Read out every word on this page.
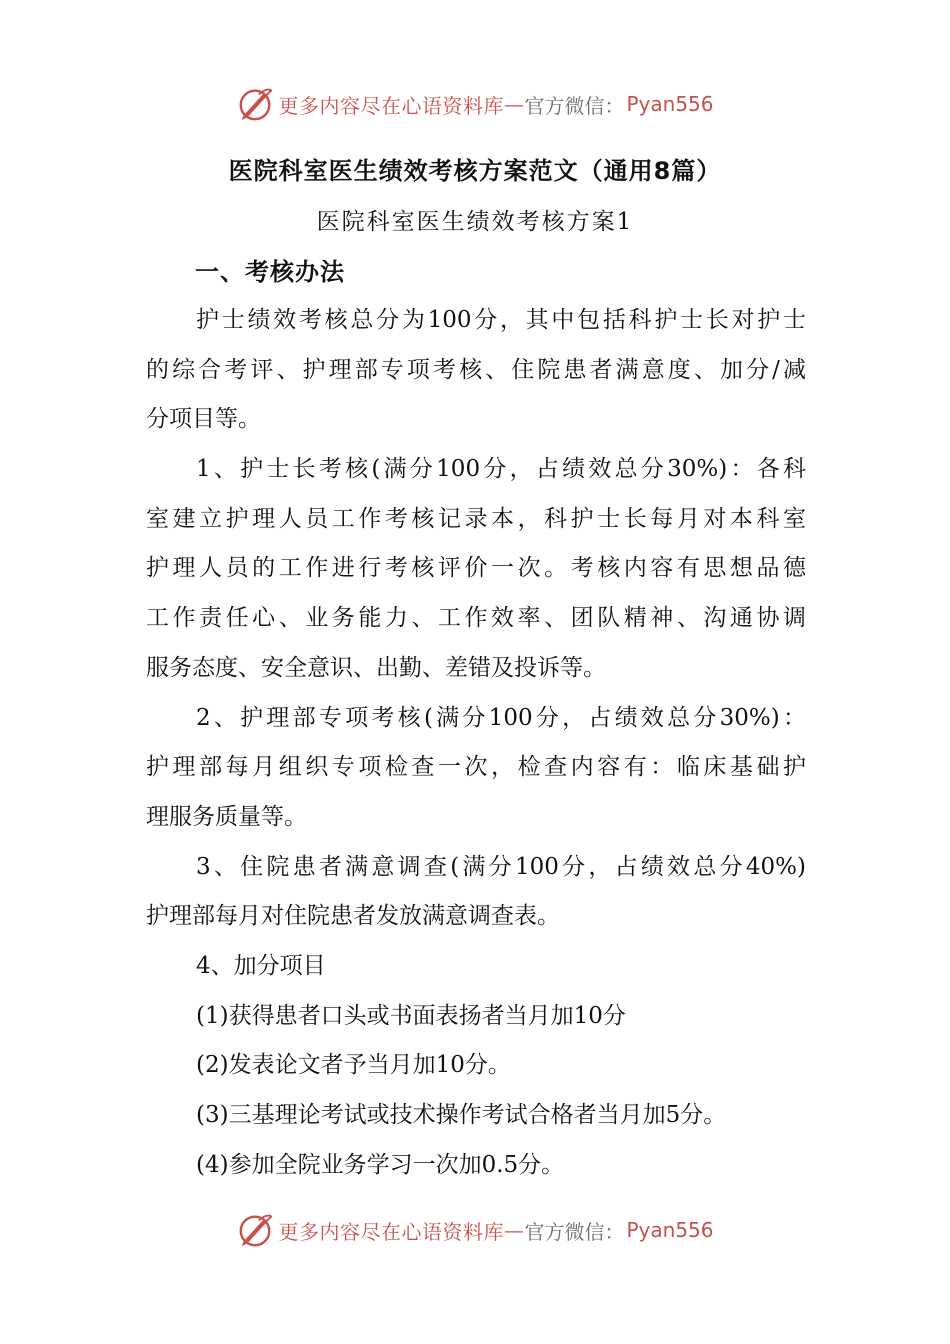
更多内容尽在心语资料库 — 官方微信： Pyan556
医院科室医生绩效考核方案范文（通用8篇）
医院科室医生绩效考核方案1
一、考核办法
护士绩效考核总分为100分，其中包括科护士长对护士
的综合考评、护理部专项考核、住院患者满意度、加分/减
分项目等。
1、护士长考核(满分100分，占绩效总分30%)：各科
室建立护理人员工作考核记录本，科护士长每月对本科室
护理人员的工作进行考核评价一次。考核内容有思想品德
工作责任心、业务能力、工作效率、团队精神、沟通协调
服务态度、安全意识、出勤、差错及投诉等。
2、护理部专项考核(满分100分，占绩效总分30%)：
护理部每月组织专项检查一次，检查内容有：临床基础护
理服务质量等。
3、住院患者满意调查(满分100分，占绩效总分40%)
护理部每月对住院患者发放满意调查表。
4、加分项目
(1)获得患者口头或书面表扬者当月加10分
(2)发表论文者予当月加10分。
(3)三基理论考试或技术操作考试合格者当月加5分。
(4)参加全院业务学习一次加0.5分。
更多内容尽在心语资料库 — 官方微信： Pyan556
